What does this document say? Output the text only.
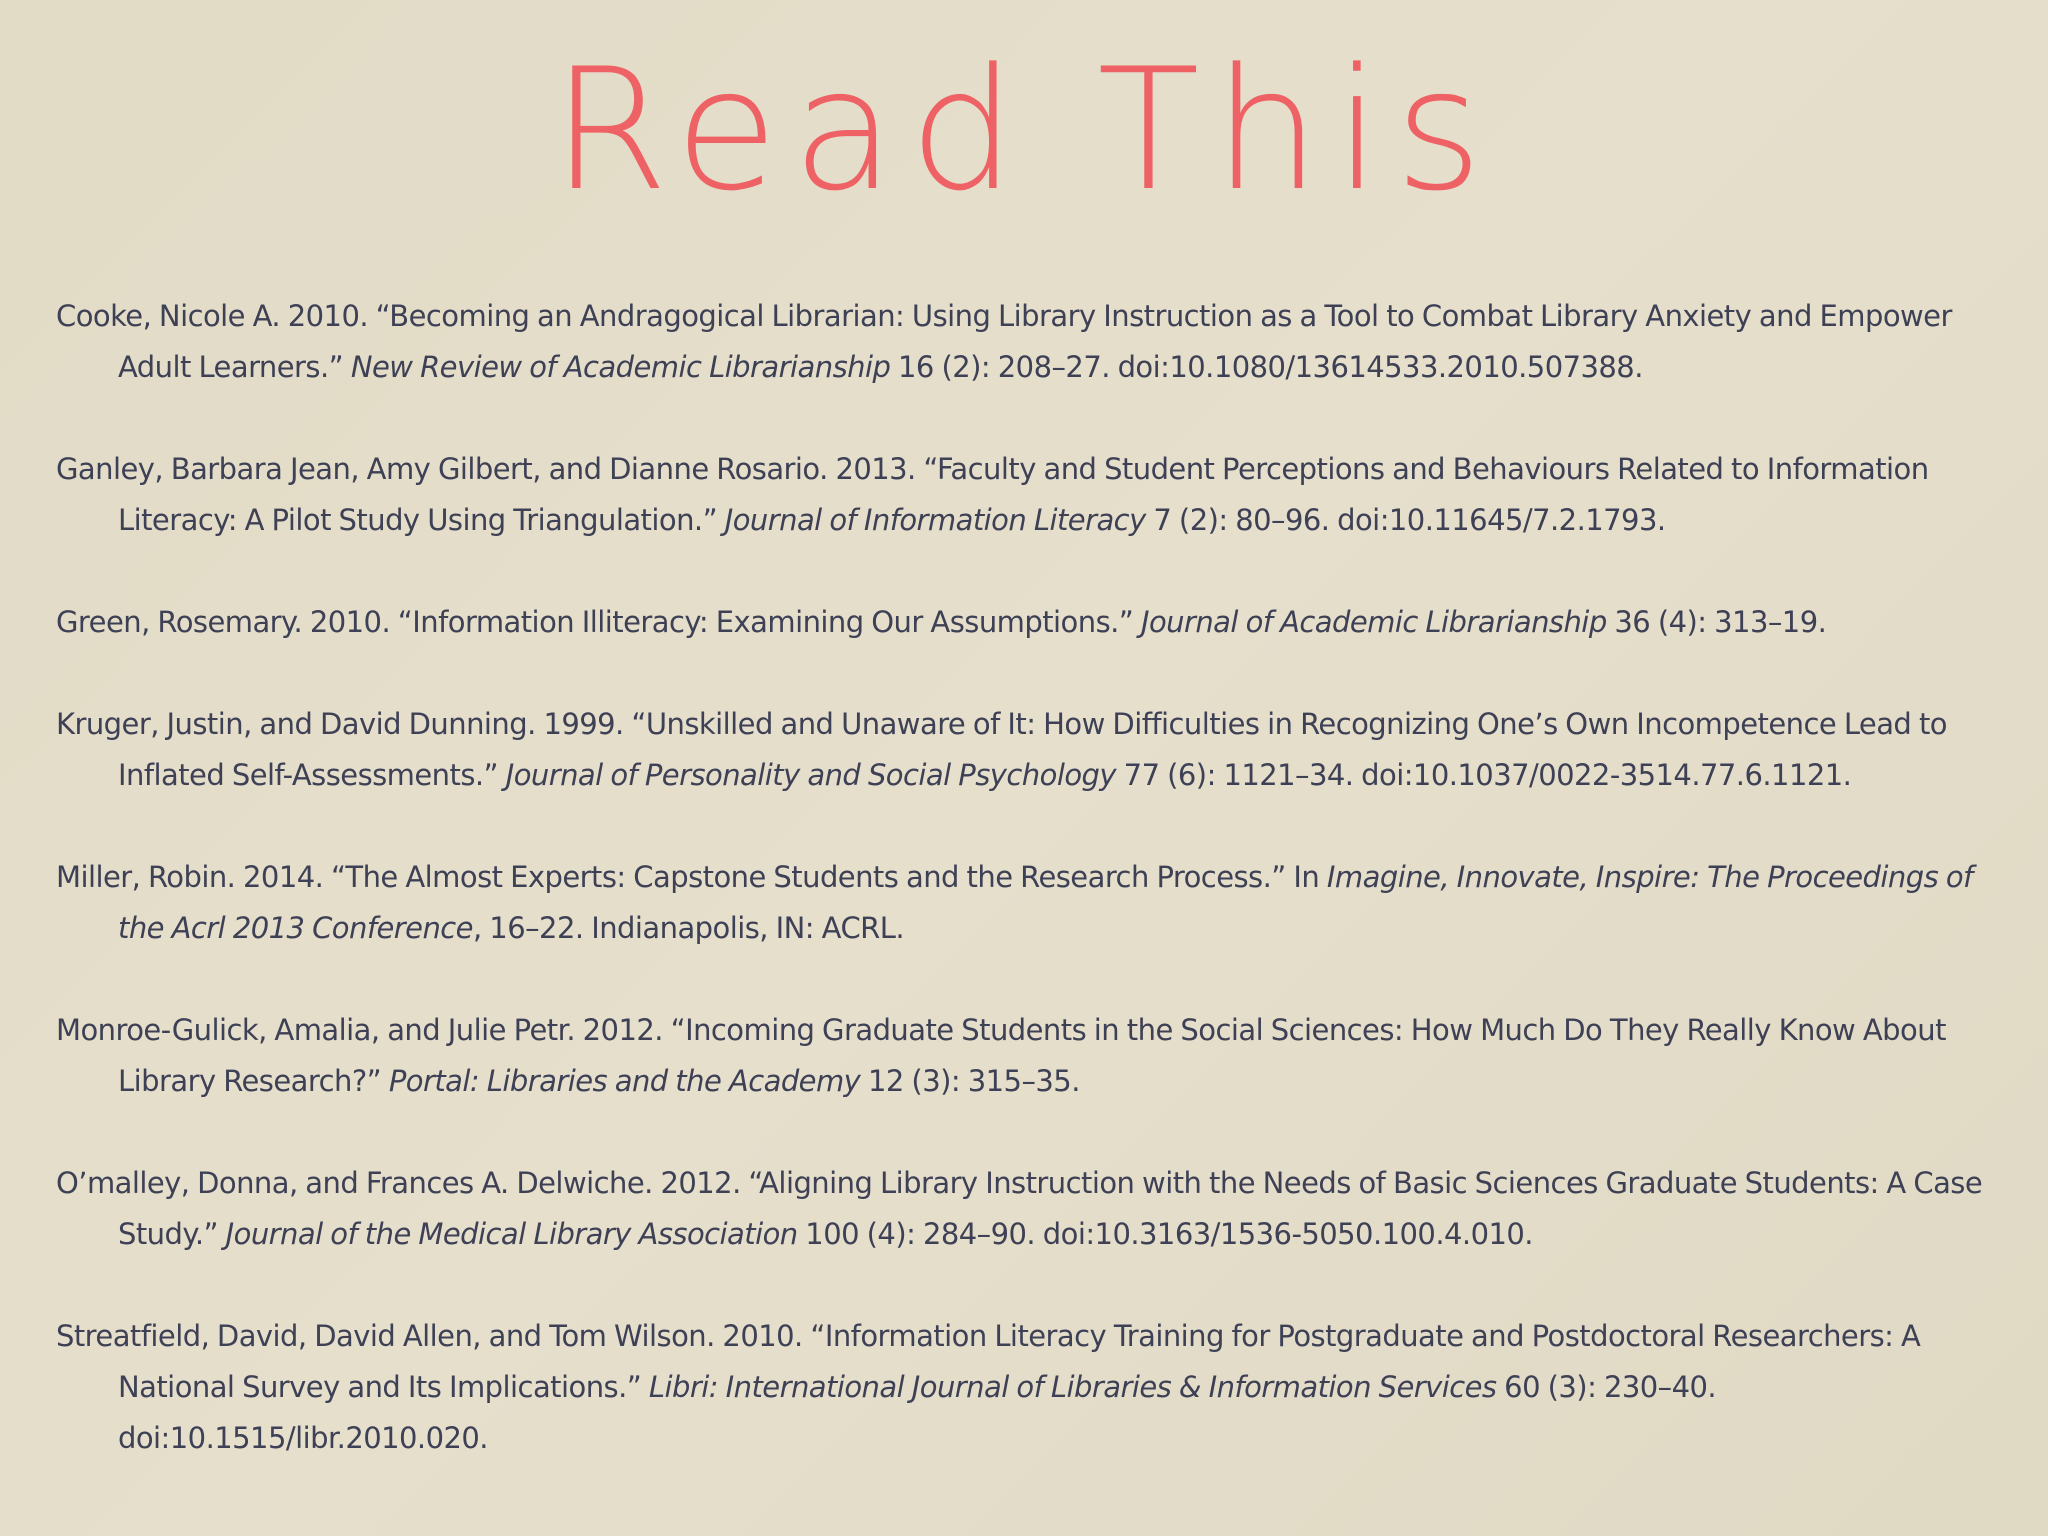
Read This

Cooke, Nicole A. 2010. “Becoming an Andragogical Librarian: Using Library Instruction as a Tool to Combat Library Anxiety and Empower Adult Learners.” New Review of Academic Librarianship 16 (2): 208–27. doi:10.1080/13614533.2010.507388.

Ganley, Barbara Jean, Amy Gilbert, and Dianne Rosario. 2013. “Faculty and Student Perceptions and Behaviours Related to Information Literacy: A Pilot Study Using Triangulation.” Journal of Information Literacy 7 (2): 80–96. doi:10.11645/7.2.1793.

Green, Rosemary. 2010. “Information Illiteracy: Examining Our Assumptions.” Journal of Academic Librarianship 36 (4): 313–19.

Kruger, Justin, and David Dunning. 1999. “Unskilled and Unaware of It: How Difficulties in Recognizing One’s Own Incompetence Lead to Inflated Self-Assessments.” Journal of Personality and Social Psychology 77 (6): 1121–34. doi:10.1037/0022-3514.77.6.1121.

Miller, Robin. 2014. “The Almost Experts: Capstone Students and the Research Process.” In Imagine, Innovate, Inspire: The Proceedings of the Acrl 2013 Conference, 16–22. Indianapolis, IN: ACRL.

Monroe-Gulick, Amalia, and Julie Petr. 2012. “Incoming Graduate Students in the Social Sciences: How Much Do They Really Know About Library Research?” Portal: Libraries and the Academy 12 (3): 315–35.

O’malley, Donna, and Frances A. Delwiche. 2012. “Aligning Library Instruction with the Needs of Basic Sciences Graduate Students: A Case Study.” Journal of the Medical Library Association 100 (4): 284–90. doi:10.3163/1536-5050.100.4.010.

Streatfield, David, David Allen, and Tom Wilson. 2010. “Information Literacy Training for Postgraduate and Postdoctoral Researchers: A National Survey and Its Implications.” Libri: International Journal of Libraries & Information Services 60 (3): 230–40. doi:10.1515/libr.2010.020.
